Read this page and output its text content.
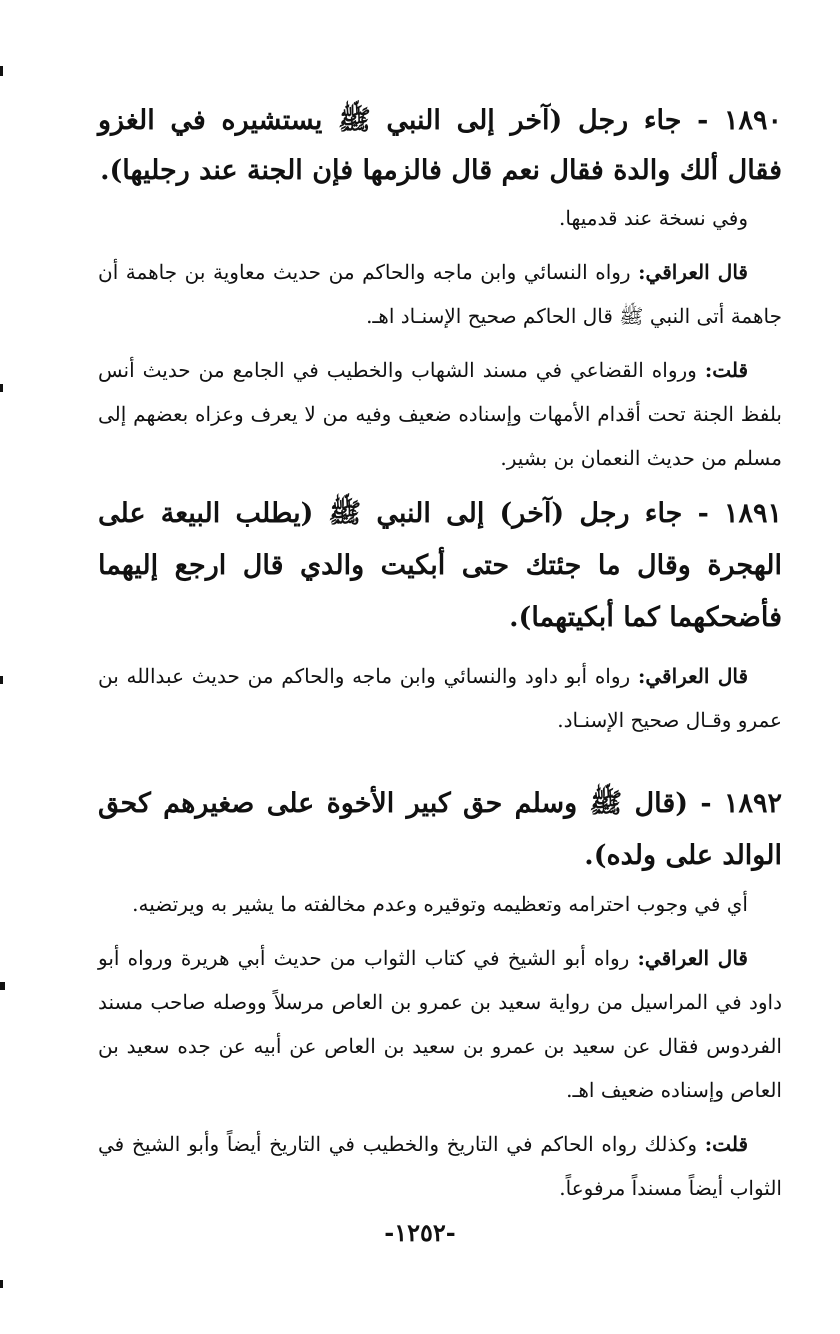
١٨٩٠ - جاء رجل (آخر إلى النبي ﷺ يستشيره في الغزو فقال ألك والدة فقال نعم قال فالزمها فإن الجنة عند رجليها).

وفي نسخة عند قدميها.

قال العراقي: رواه النسائي وابن ماجه والحاكم من حديث معاوية بن جاهمة أن جاهمة أتى النبي ﷺ قال الحاكم صحيح الإسنـاد اهـ.

قلت: ورواه القضاعي في مسند الشهاب والخطيب في الجامع من حديث أنس بلفظ الجنة تحت أقدام الأمهات وإسناده ضعيف وفيه من لا يعرف وعزاه بعضهم إلى مسلم من حديث النعمان بن بشير.

١٨٩١ - جاء رجل (آخر) إلى النبي ﷺ (يطلب البيعة على الهجرة وقال ما جئتك حتى أبكيت والدي قال ارجع إليهما فأضحكهما كما أبكيتهما).

قال العراقي: رواه أبو داود والنسائي وابن ماجه والحاكم من حديث عبدالله بن عمرو وقـال صحيح الإسنـاد.

١٨٩٢ - (قال ﷺ وسلم حق كبير الأخوة على صغيرهم كحق الوالد على ولده).

أي في وجوب احترامه وتعظيمه وتوقيره وعدم مخالفته ما يشير به ويرتضيه.

قال العراقي: رواه أبو الشيخ في كتاب الثواب من حديث أبي هريرة ورواه أبو داود في المراسيل من رواية سعيد بن عمرو بن العاص مرسلاً ووصله صاحب مسند الفردوس فقال عن سعيد بن عمرو بن سعيد بن العاص عن أبيه عن جده سعيد بن العاص وإسناده ضعيف اهـ.

قلت: وكذلك رواه الحاكم في التاريخ والخطيب في التاريخ أيضاً وأبو الشيخ في الثواب أيضاً مسنداً مرفوعاً.

-١٢٥٢-
